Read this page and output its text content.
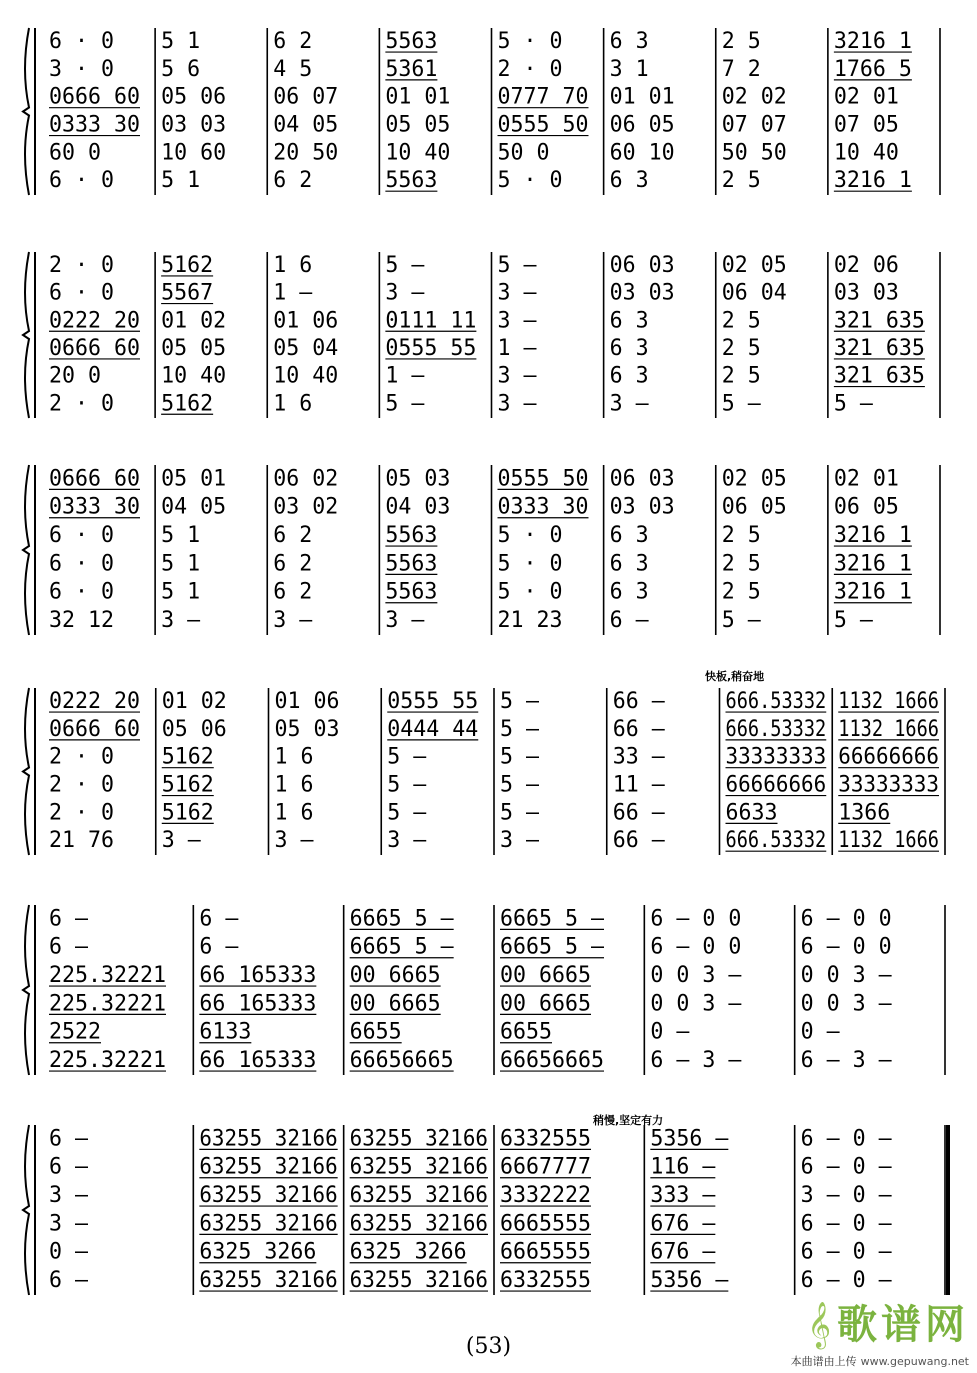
6 · 0
3 · 0
0666 60
0333 30
60 0
6 · 0
5 1
5 6
05 06
03 03
10 60
5 1
6 2
4 5
06 07
04 05
20 50
6 2
5563
5361
01 01
05 05
10 40
5563
5 · 0
2 · 0
0777 70
0555 50
50 0
5 · 0
6 3
3 1
01 01
06 05
60 10
6 3
2 5
7 2
02 02
07 07
50 50
2 5
3216 1
1766 5
02 01
07 05
10 40
3216 1
2 · 0
6 · 0
0222 20
0666 60
20 0
2 · 0
5162
5567
01 02
05 05
10 40
5162
1 6
1 —
01 06
05 04
10 40
1 6
5 —
3 —
0111 11
0555 55
1 —
5 —
5 —
3 —
3 —
1 —
3 —
3 —
06 03
03 03
6 3
6 3
6 3
3 —
02 05
06 04
2 5
2 5
2 5
5 —
02 06
03 03
321 635
321 635
321 635
5 —
0666 60
0333 30
6 · 0
6 · 0
6 · 0
32 12
05 01
04 05
5 1
5 1
5 1
3 —
06 02
03 02
6 2
6 2
6 2
3 —
05 03
04 03
5563
5563
5563
3 —
0555 50
0333 30
5 · 0
5 · 0
5 · 0
21 23
06 03
03 03
6 3
6 3
6 3
6 —
02 05
06 05
2 5
2 5
2 5
5 —
02 01
06 05
3216 1
3216 1
3216 1
5 —
0222 20
0666 60
2 · 0
2 · 0
2 · 0
21 76
01 02
05 06
5162
5162
5162
3 —
01 06
05 03
1 6
1 6
1 6
3 —
0555 55
0444 44
5 —
5 —
5 —
3 —
5 —
5 —
5 —
5 —
5 —
3 —
66 —
66 —
33 —
11 —
66 —
66 —
666.53332
666.53332
33333333
66666666
6633
666.53332
1132 1666
1132 1666
66666666
33333333
1366
1132 1666
6 —
6 —
225.32221
225.32221
2522
225.32221
6 —
6 —
66 165333
66 165333
6133
66 165333
6665 5 —
6665 5 —
00 6665
00 6665
6655
66656665
6665 5 —
6665 5 —
00 6665
00 6665
6655
66656665
6 — 0 0
6 — 0 0
0 0 3 —
0 0 3 —
0 —
6 — 3 —
6 — 0 0
6 — 0 0
0 0 3 —
0 0 3 —
0 —
6 — 3 —
6 —
6 —
3 —
3 —
0 —
6 —
63255 32166
63255 32166
63255 32166
63255 32166
6325 3266
63255 32166
63255 32166
63255 32166
63255 32166
63255 32166
6325 3266
63255 32166
6332555
6667777
3332222
6665555
6665555
6332555
5356 —
116 —
333 —
676 —
676 —
5356 —
6 — 0 —
6 — 0 —
3 — 0 —
6 — 0 —
6 — 0 —
6 — 0 —
快板,稍奋地
稍慢,坚定有力
(53)	𝄞 歌谱网
本曲谱由上传 www.gepuwang.net
